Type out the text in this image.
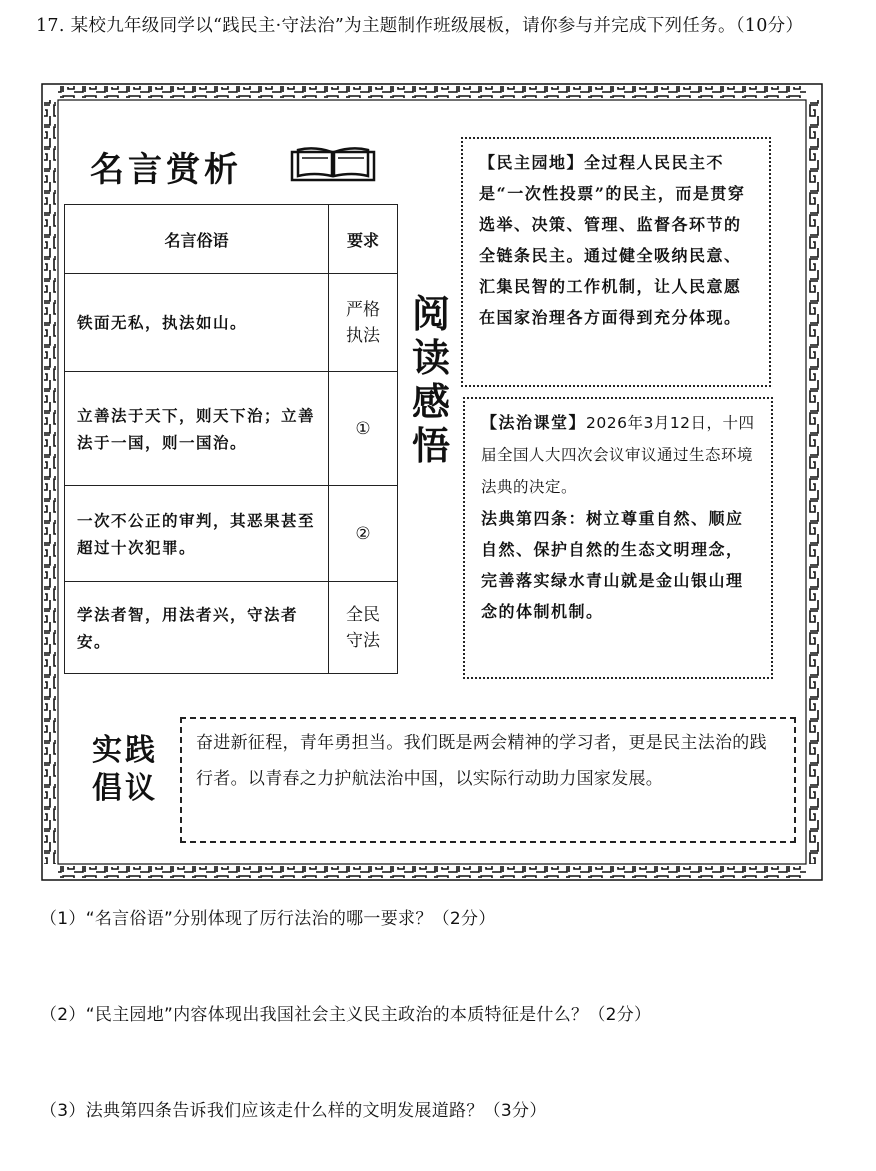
17. 某校九年级同学以“践民主·守法治”为主题制作班级展板，请你参与并完成下列任务。（10分）
名言赏析
名言俗语	要求
铁面无私，执法如山。	严格执法
立善法于天下，则天下治；立善法于一国，则一国治。	①
一次不公正的审判，其恶果甚至超过十次犯罪。	②
学法者智，用法者兴，守法者安。	全民守法
阅读感悟
【民主园地】全过程人民民主不是“一次性投票”的民主，而是贯穿选举、决策、管理、监督各环节的全链条民主。通过健全吸纳民意、汇集民智的工作机制，让人民意愿在国家治理各方面得到充分体现。
【法治课堂】2026年3月12日，十四届全国人大四次会议审议通过生态环境法典的决定。
法典第四条：树立尊重自然、顺应自然、保护自然的生态文明理念，完善落实绿水青山就是金山银山理念的体制机制。
实践倡议
奋进新征程，青年勇担当。我们既是两会精神的学习者，更是民主法治的践行者。以青春之力护航法治中国，以实际行动助力国家发展。
（1）“名言俗语”分别体现了厉行法治的哪一要求？（2分）
（2）“民主园地”内容体现出我国社会主义民主政治的本质特征是什么？（2分）
（3）法典第四条告诉我们应该走什么样的文明发展道路？（3分）
